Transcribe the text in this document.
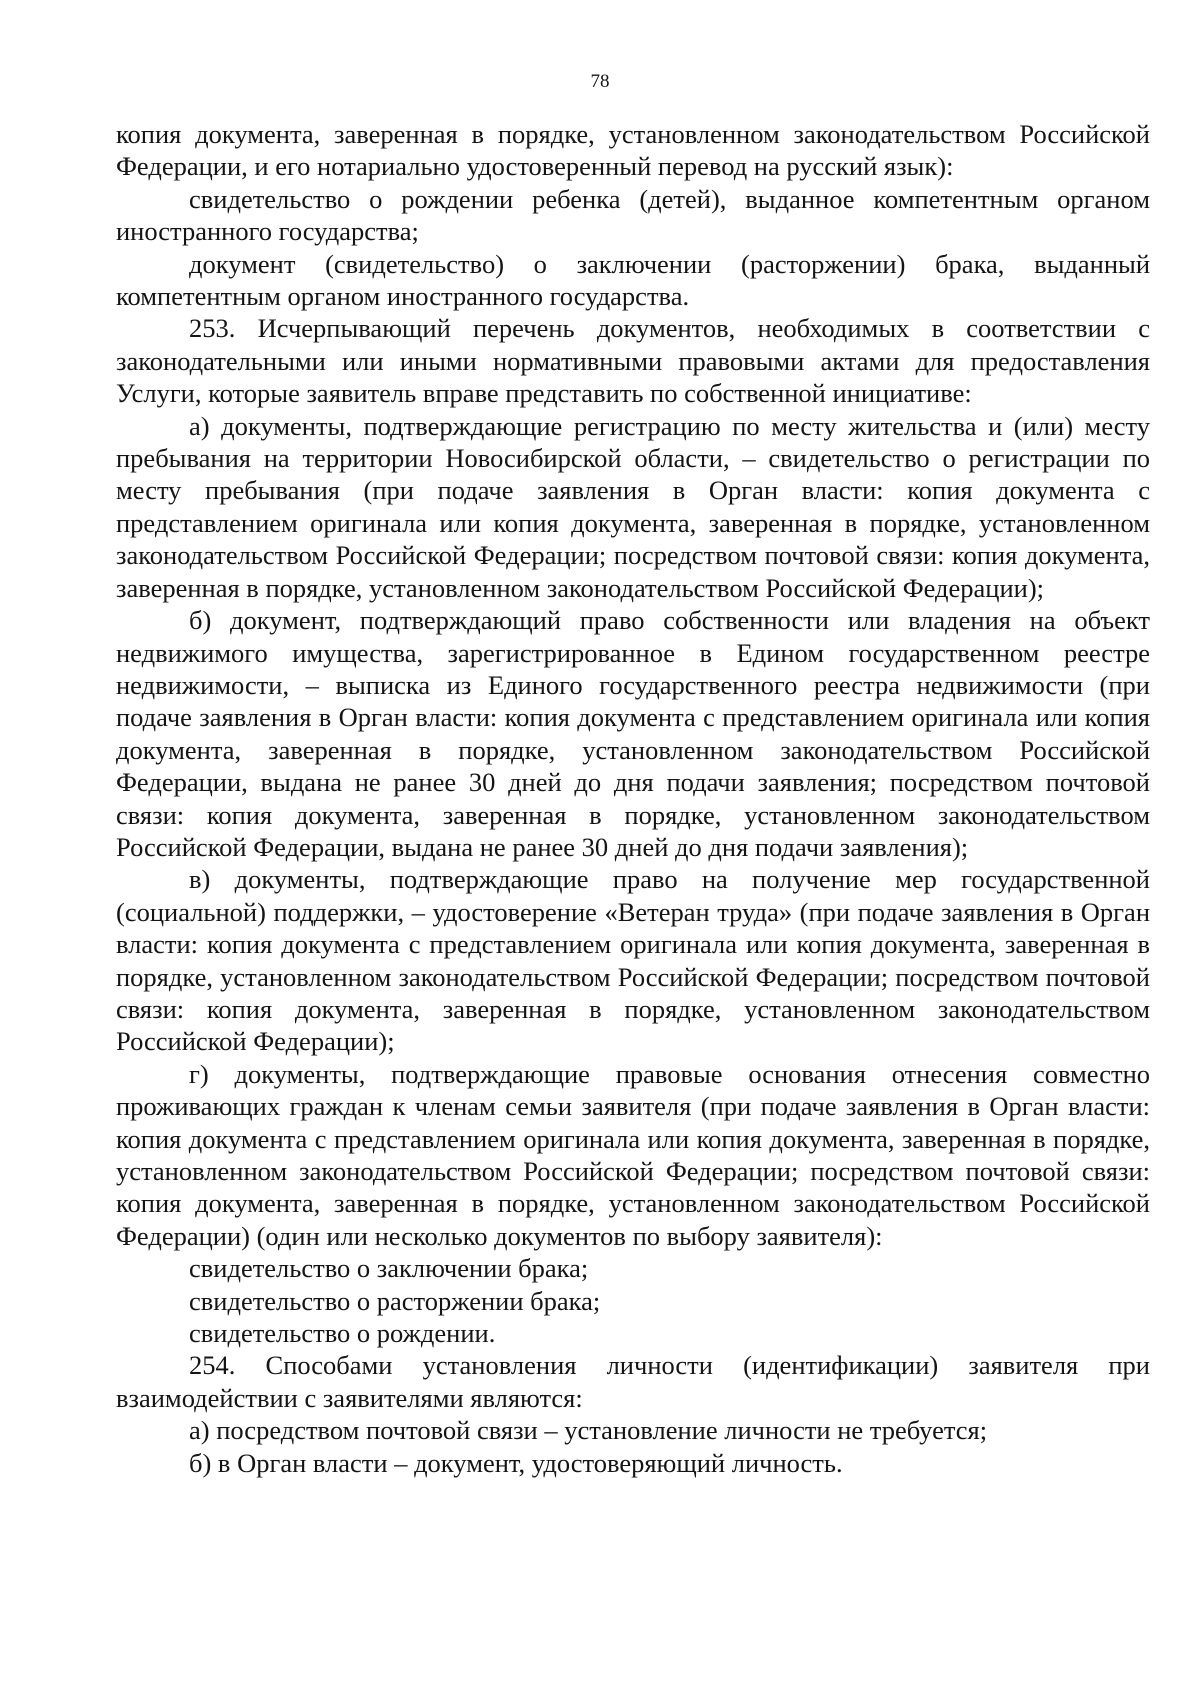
78

копия документа, заверенная в порядке, установленном законодательством Российской Федерации, и его нотариально удостоверенный перевод на русский язык):

свидетельство о рождении ребенка (детей), выданное компетентным органом иностранного государства;

документ (свидетельство) о заключении (расторжении) брака, выданный компетентным органом иностранного государства.

253. Исчерпывающий перечень документов, необходимых в соответствии с законодательными или иными нормативными правовыми актами для предоставления Услуги, которые заявитель вправе представить по собственной инициативе:

а) документы, подтверждающие регистрацию по месту жительства и (или) месту пребывания на территории Новосибирской области, – свидетельство о регистрации по месту пребывания (при подаче заявления в Орган власти: копия документа с представлением оригинала или копия документа, заверенная в порядке, установленном законодательством Российской Федерации; посредством почтовой связи: копия документа, заверенная в порядке, установленном законодательством Российской Федерации);

б) документ, подтверждающий право собственности или владения на объект недвижимого имущества, зарегистрированное в Едином государственном реестре недвижимости, – выписка из Единого государственного реестра недвижимости (при подаче заявления в Орган власти: копия документа с представлением оригинала или копия документа, заверенная в порядке, установленном законодательством Российской Федерации, выдана не ранее 30 дней до дня подачи заявления; посредством почтовой связи: копия документа, заверенная в порядке, установленном законодательством Российской Федерации, выдана не ранее 30 дней до дня подачи заявления);

в) документы, подтверждающие право на получение мер государственной (социальной) поддержки, – удостоверение «Ветеран труда» (при подаче заявления в Орган власти: копия документа с представлением оригинала или копия документа, заверенная в порядке, установленном законодательством Российской Федерации; посредством почтовой связи: копия документа, заверенная в порядке, установленном законодательством Российской Федерации);

г) документы, подтверждающие правовые основания отнесения совместно проживающих граждан к членам семьи заявителя (при подаче заявления в Орган власти: копия документа с представлением оригинала или копия документа, заверенная в порядке, установленном законодательством Российской Федерации; посредством почтовой связи: копия документа, заверенная в порядке, установленном законодательством Российской Федерации) (один или несколько документов по выбору заявителя):

свидетельство о заключении брака;

свидетельство о расторжении брака;

свидетельство о рождении.

254. Способами установления личности (идентификации) заявителя при взаимодействии с заявителями являются:

а) посредством почтовой связи – установление личности не требуется;

б) в Орган власти – документ, удостоверяющий личность.
